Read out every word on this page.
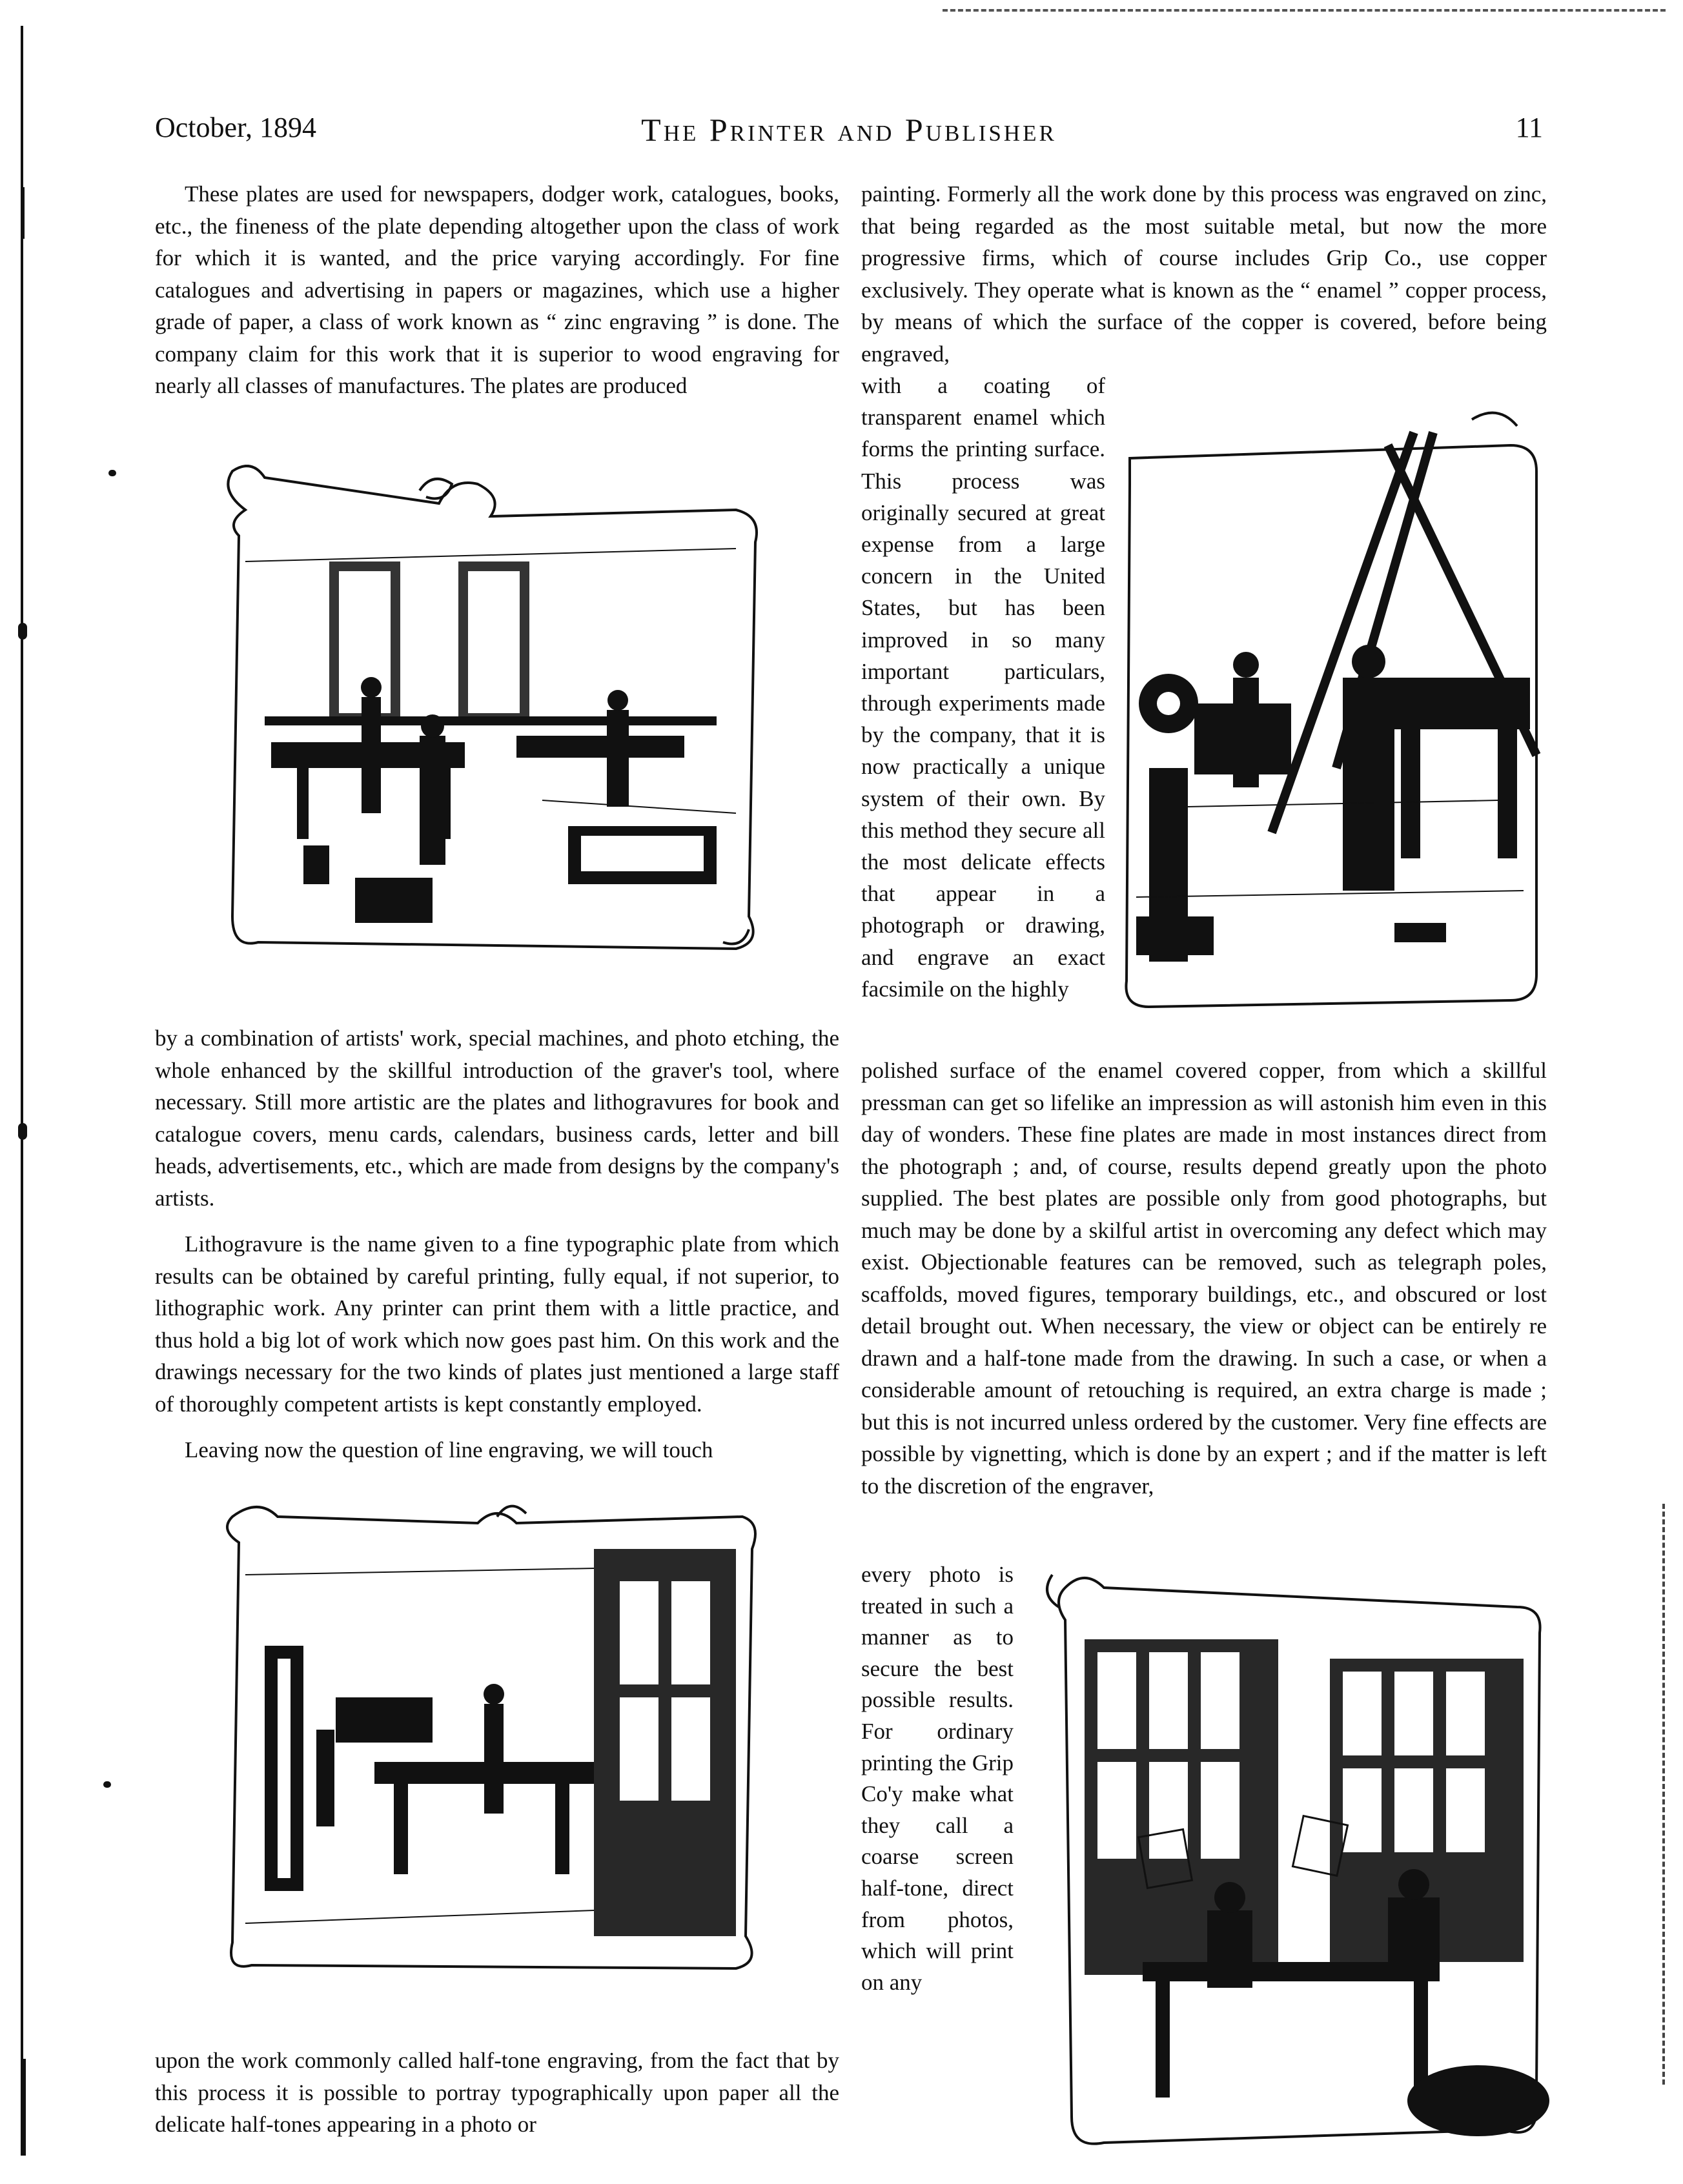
October, 1894	The Printer and Publisher	11

These plates are used for newspapers, dodger work, catalogues, books, etc., the fineness of the plate depending altogether upon the class of work for which it is wanted, and the price varying accordingly. For fine catalogues and advertising in papers or magazines, which use a higher grade of paper, a class of work known as “ zinc engraving ” is done. The company claim for this work that it is superior to wood engraving for nearly all classes of manufactures. The plates are produced

by a combination of artists' work, special machines, and photo etching, the whole enhanced by the skillful introduction of the graver's tool, where necessary. Still more artistic are the plates and lithogravures for book and catalogue covers, menu cards, calendars, business cards, letter and bill heads, advertisements, etc., which are made from designs by the company's artists.

Lithogravure is the name given to a fine typographic plate from which results can be obtained by careful printing, fully equal, if not superior, to lithographic work. Any printer can print them with a little practice, and thus hold a big lot of work which now goes past him. On this work and the drawings necessary for the two kinds of plates just mentioned a large staff of thoroughly competent artists is kept constantly employed.

Leaving now the question of line engraving, we will touch

upon the work commonly called half-tone engraving, from the fact that by this process it is possible to portray typographically upon paper all the delicate half-tones appearing in a photo or

painting. Formerly all the work done by this process was engraved on zinc, that being regarded as the most suitable metal, but now the more progressive firms, which of course includes Grip Co., use copper exclusively. They operate what is known as the “ enamel ” copper process, by means of which the surface of the copper is covered, before being engraved,

with a coating of transparent enamel which forms the printing surface. This process was originally secured at great expense from a large concern in the United States, but has been improved in so many important particulars, through experiments made by the company, that it is now practically a unique system of their own. By this method they secure all the most delicate effects that appear in a photograph or drawing, and engrave an exact facsimile on the highly

polished surface of the enamel covered copper, from which a skillful pressman can get so lifelike an impression as will astonish him even in this day of wonders. These fine plates are made in most instances direct from the photograph ; and, of course, results depend greatly upon the photo supplied. The best plates are possible only from good photographs, but much may be done by a skilful artist in overcoming any defect which may exist. Objectionable features can be removed, such as telegraph poles, scaffolds, moved figures, temporary buildings, etc., and obscured or lost detail brought out. When necessary, the view or object can be entirely re drawn and a half-tone made from the drawing. In such a case, or when a considerable amount of retouching is required, an extra charge is made ; but this is not incurred unless ordered by the customer. Very fine effects are possible by vignetting, which is done by an expert ; and if the matter is left to the discretion of the engraver,

every photo is treated in such a manner as to secure the best possible results. For ordinary printing the Grip Co'y make what they call a coarse screen half-tone, direct from photos, which will print on any
